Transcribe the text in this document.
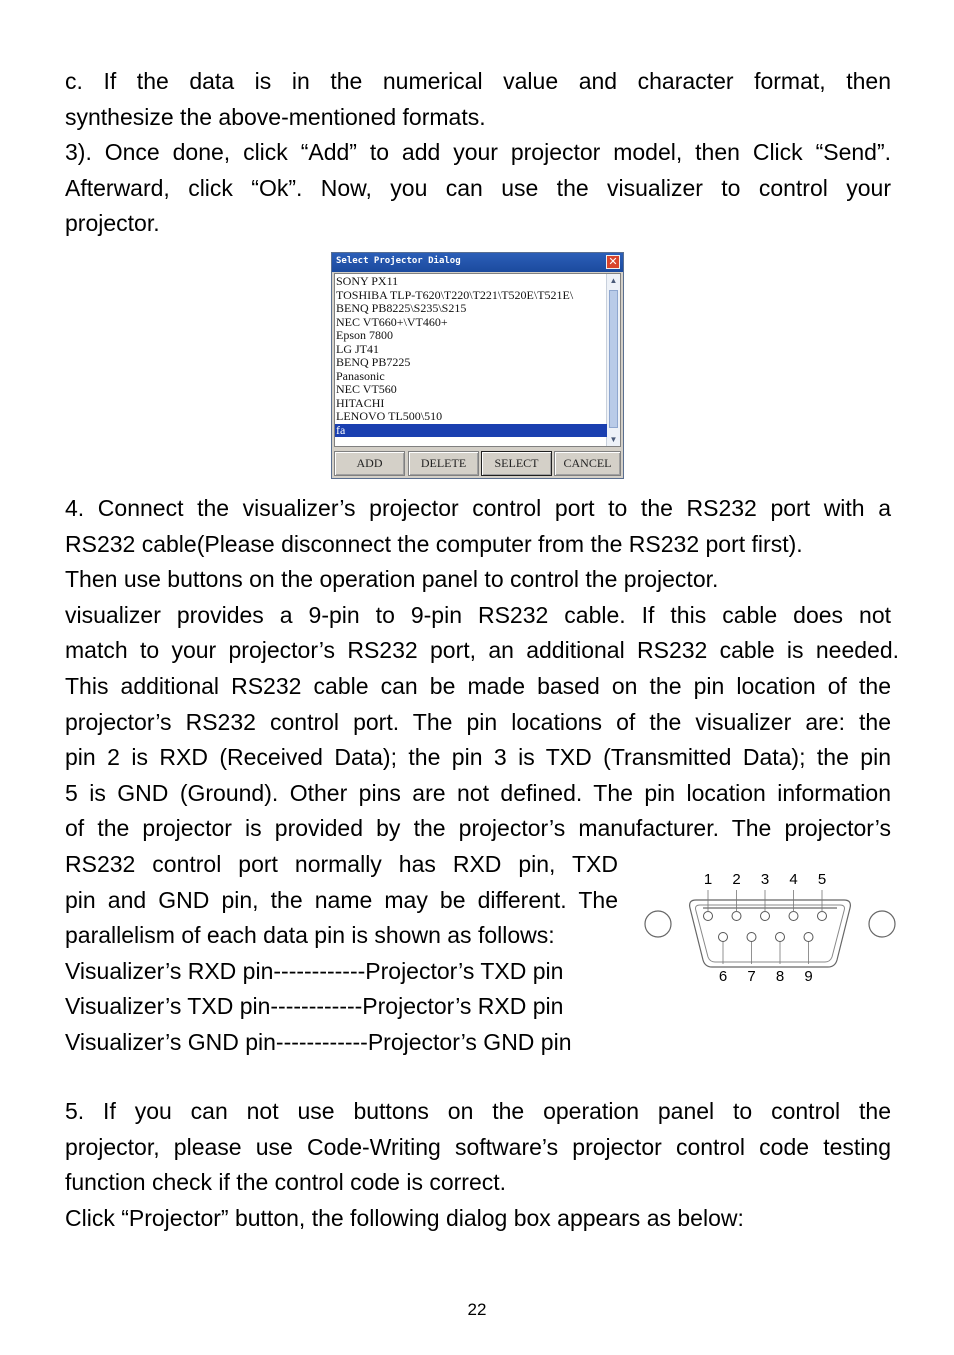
c. If the data is in the numerical value and character format, then
synthesize the above-mentioned formats.
3). Once done, click “Add” to add your projector model, then Click “Send”.
Afterward, click “Ok”. Now, you can use the visualizer to control your
projector.
Select Projector Dialog	✕
▲
▼
SONY PX11
TOSHIBA TLP-T620\T220\T221\T520E\T521E\
BENQ PB8225\S235\S215
NEC VT660+\VT460+
Epson 7800
LG JT41
BENQ PB7225
Panasonic
NEC VT560
HITACHI
LENOVO TL500\510
fa
ADD	DELETE	SELECT	CANCEL
4. Connect the visualizer’s projector control port to the RS232 port with a
RS232 cable(Please disconnect the computer from the RS232 port first).
Then use buttons on the operation panel to control the projector.
visualizer provides a 9-pin to 9-pin RS232 cable. If this cable does not
match to your projector’s RS232 port, an additional RS232 cable is needed.
This additional RS232 cable can be made based on the pin location of the
projector’s RS232 control port. The pin locations of the visualizer are: the
pin 2 is RXD (Received Data); the pin 3 is TXD (Transmitted Data); the pin
5 is GND (Ground). Other pins are not defined. The pin location information
of the projector is provided by the projector’s manufacturer. The projector’s
RS232 control port normally has RXD pin, TXD
pin and GND pin, the name may be different. The
parallelism of each data pin is shown as follows:
Visualizer’s RXD pin------------Projector’s TXD pin
Visualizer’s TXD pin------------Projector’s RXD pin
Visualizer’s GND pin------------Projector’s GND pin
1 2 3 4 5
6 7 8 9
5. If you can not use buttons on the operation panel to control the
projector, please use Code-Writing software’s projector control code testing
function check if the control code is correct.
Click “Projector” button, the following dialog box appears as below:
22
